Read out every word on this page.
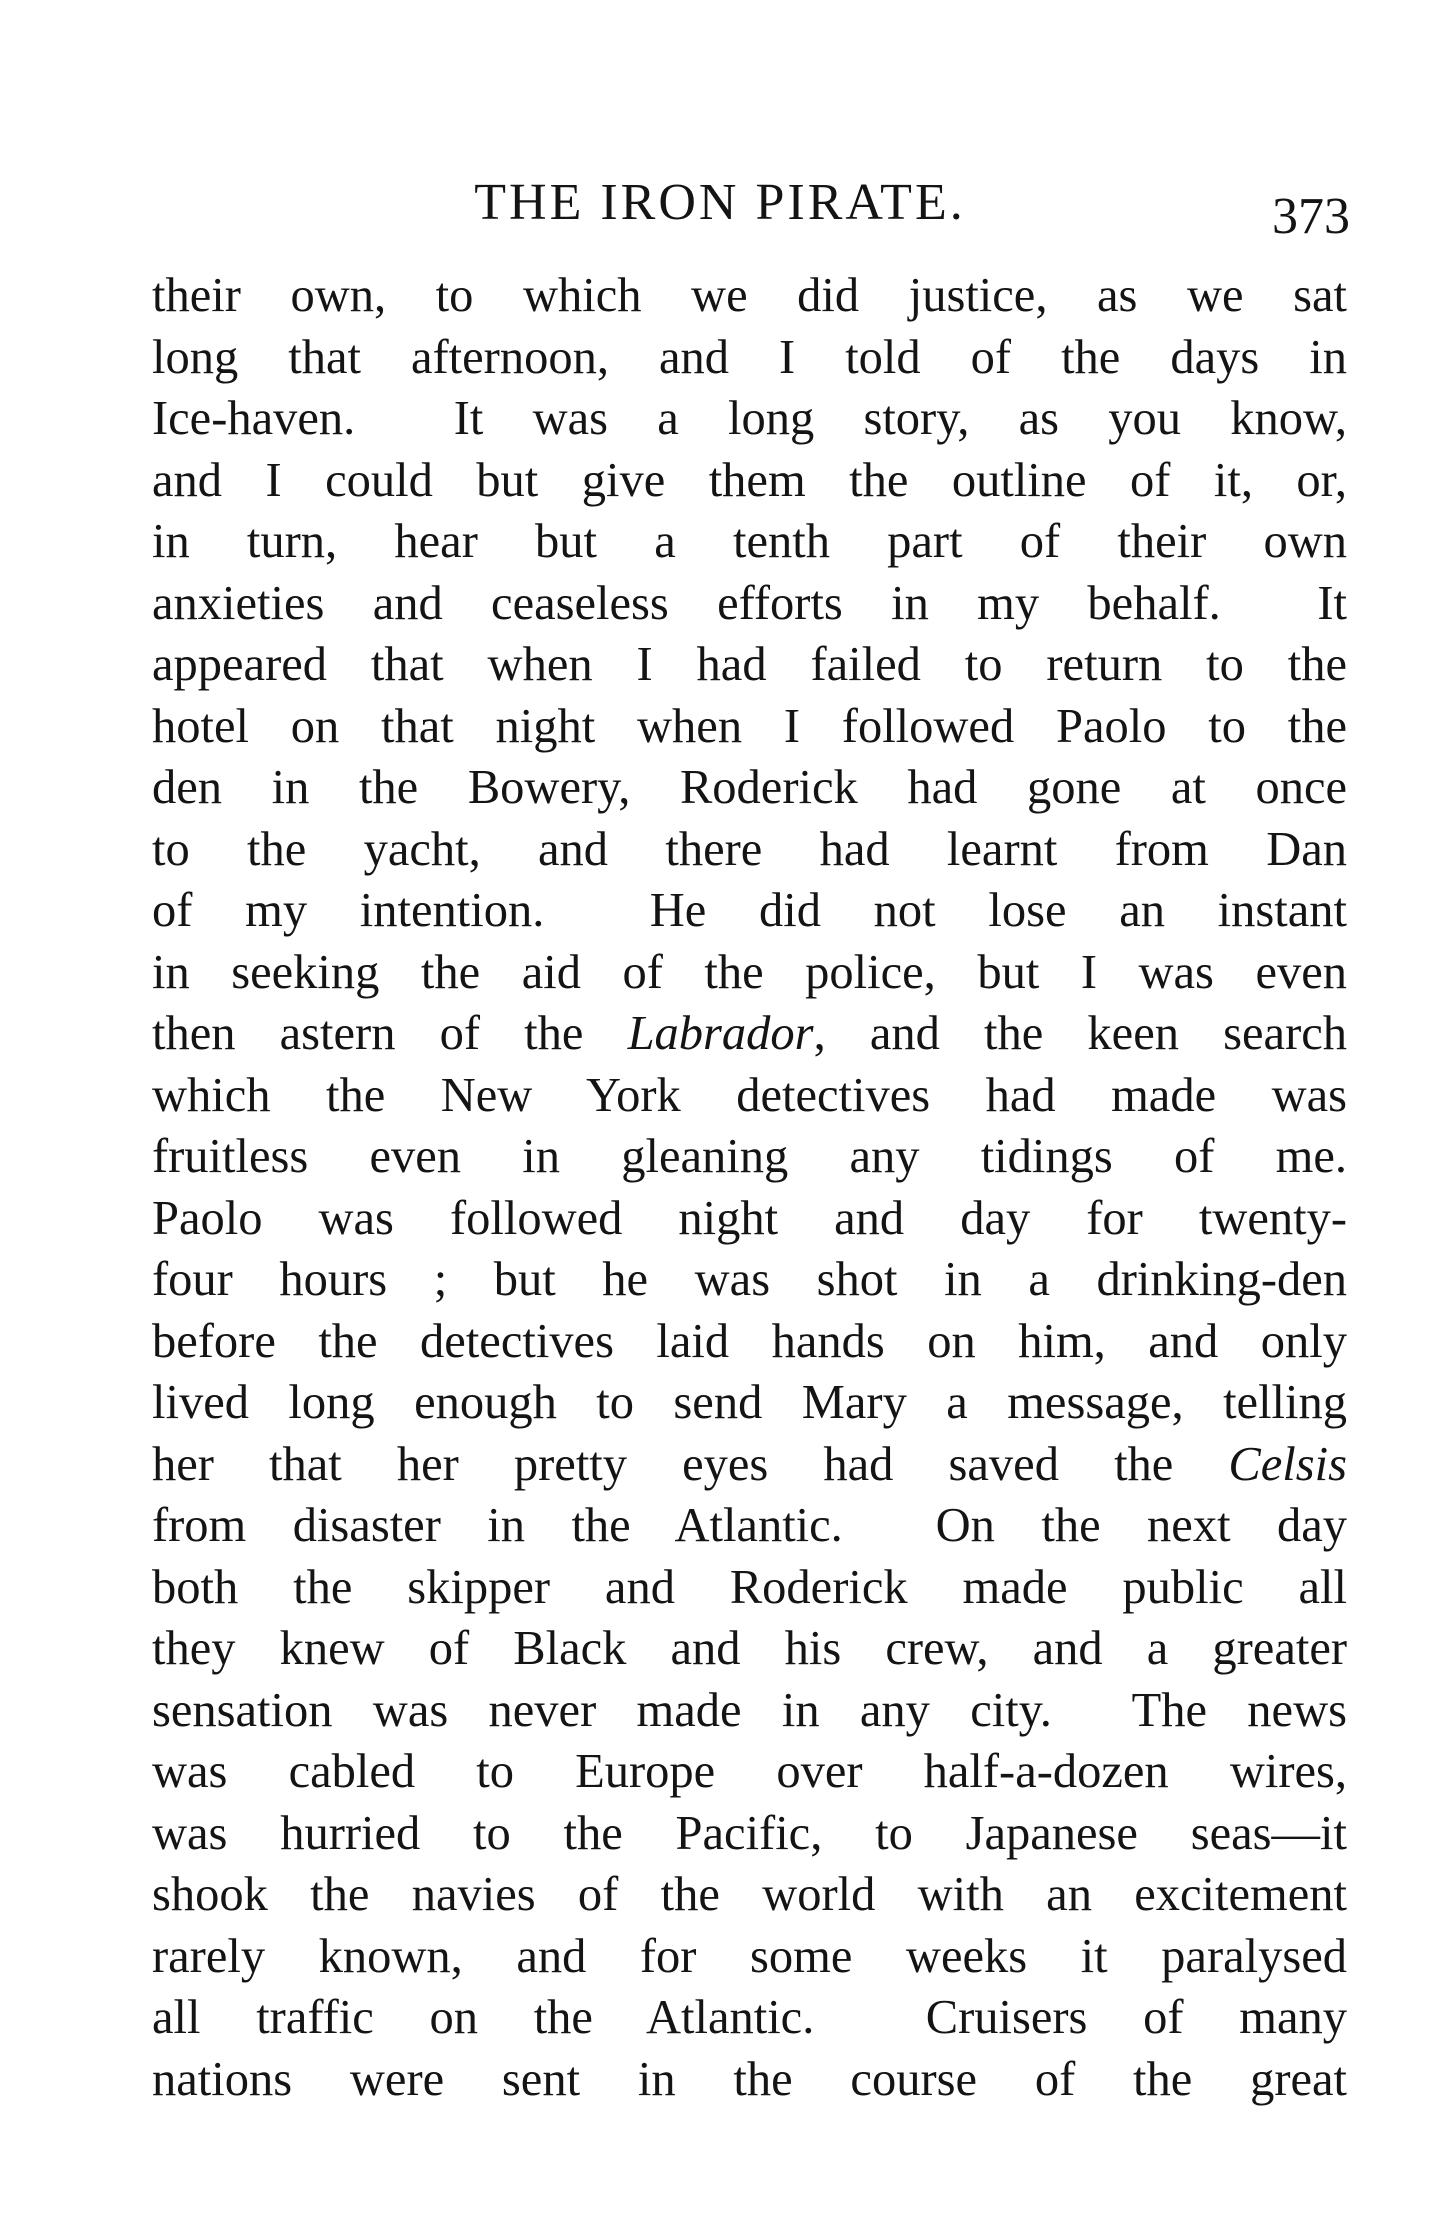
THE IRON PIRATE.	373
their own, to which we did justice, as we sat
long that afternoon, and I told of the days in
Ice-haven.  It was a long story, as you know,
and I could but give them the outline of it, or,
in turn, hear but a tenth part of their own
anxieties and ceaseless efforts in my behalf.  It
appeared that when I had failed to return to the
hotel on that night when I followed Paolo to the
den in the Bowery, Roderick had gone at once
to the yacht, and there had learnt from Dan
of my intention.  He did not lose an instant
in seeking the aid of the police, but I was even
then astern of the Labrador, and the keen search
which the New York detectives had made was
fruitless even in gleaning any tidings of me.
Paolo was followed night and day for twenty-
four hours ; but he was shot in a drinking-den
before the detectives laid hands on him, and only
lived long enough to send Mary a message, telling
her that her pretty eyes had saved the Celsis
from disaster in the Atlantic.  On the next day
both the skipper and Roderick made public all
they knew of Black and his crew, and a greater
sensation was never made in any city.  The news
was cabled to Europe over half-a-dozen wires,
was hurried to the Pacific, to Japanese seas—it
shook the navies of the world with an excitement
rarely known, and for some weeks it paralysed
all traffic on the Atlantic.  Cruisers of many
nations were sent in the course of the great
